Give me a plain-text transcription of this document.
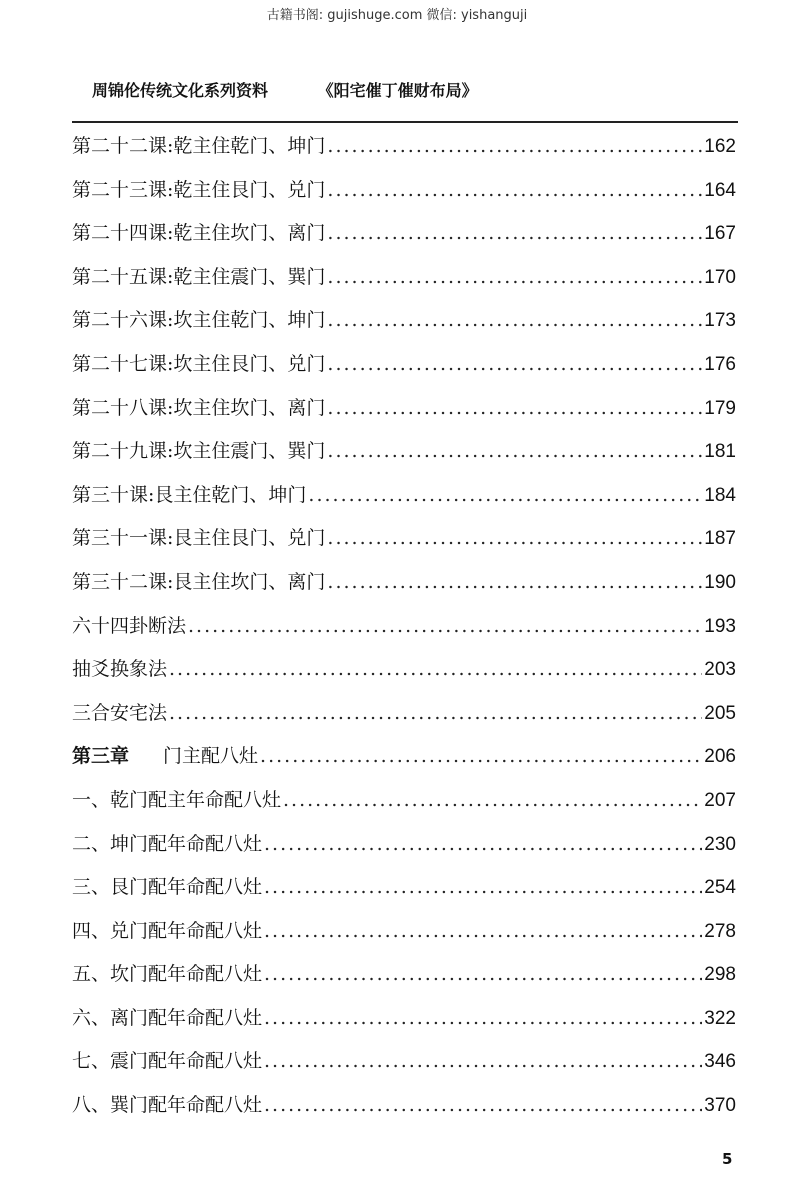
古籍书阁: gujishuge.com 微信: yishanguji
周锦伦传统文化系列资料	《阳宅催丁催财布局》
第二十二课:乾主住乾门、坤门 .....	162
第二十三课:乾主住艮门、兑门 .....	164
第二十四课:乾主住坎门、离门 .....	167
第二十五课:乾主住震门、巽门 .....	170
第二十六课:坎主住乾门、坤门 .....	173
第二十七课:坎主住艮门、兑门 .....	176
第二十八课:坎主住坎门、离门 .....	179
第二十九课:坎主住震门、巽门 .....	181
第三十课:艮主住乾门、坤门 .....	184
第三十一课:艮主住艮门、兑门 .....	187
第三十二课:艮主住坎门、离门 .....	190
六十四卦断法 .....	193
抽爻换象法 .....	203
三合安宅法 .....	205
第三章 门主配八灶 .....	206
一、乾门配主年命配八灶 .....	207
二、坤门配年命配八灶 .....	230
三、艮门配年命配八灶 .....	254
四、兑门配年命配八灶 .....	278
五、坎门配年命配八灶 .....	298
六、离门配年命配八灶 .....	322
七、震门配年命配八灶 .....	346
八、巽门配年命配八灶 .....	370
5
